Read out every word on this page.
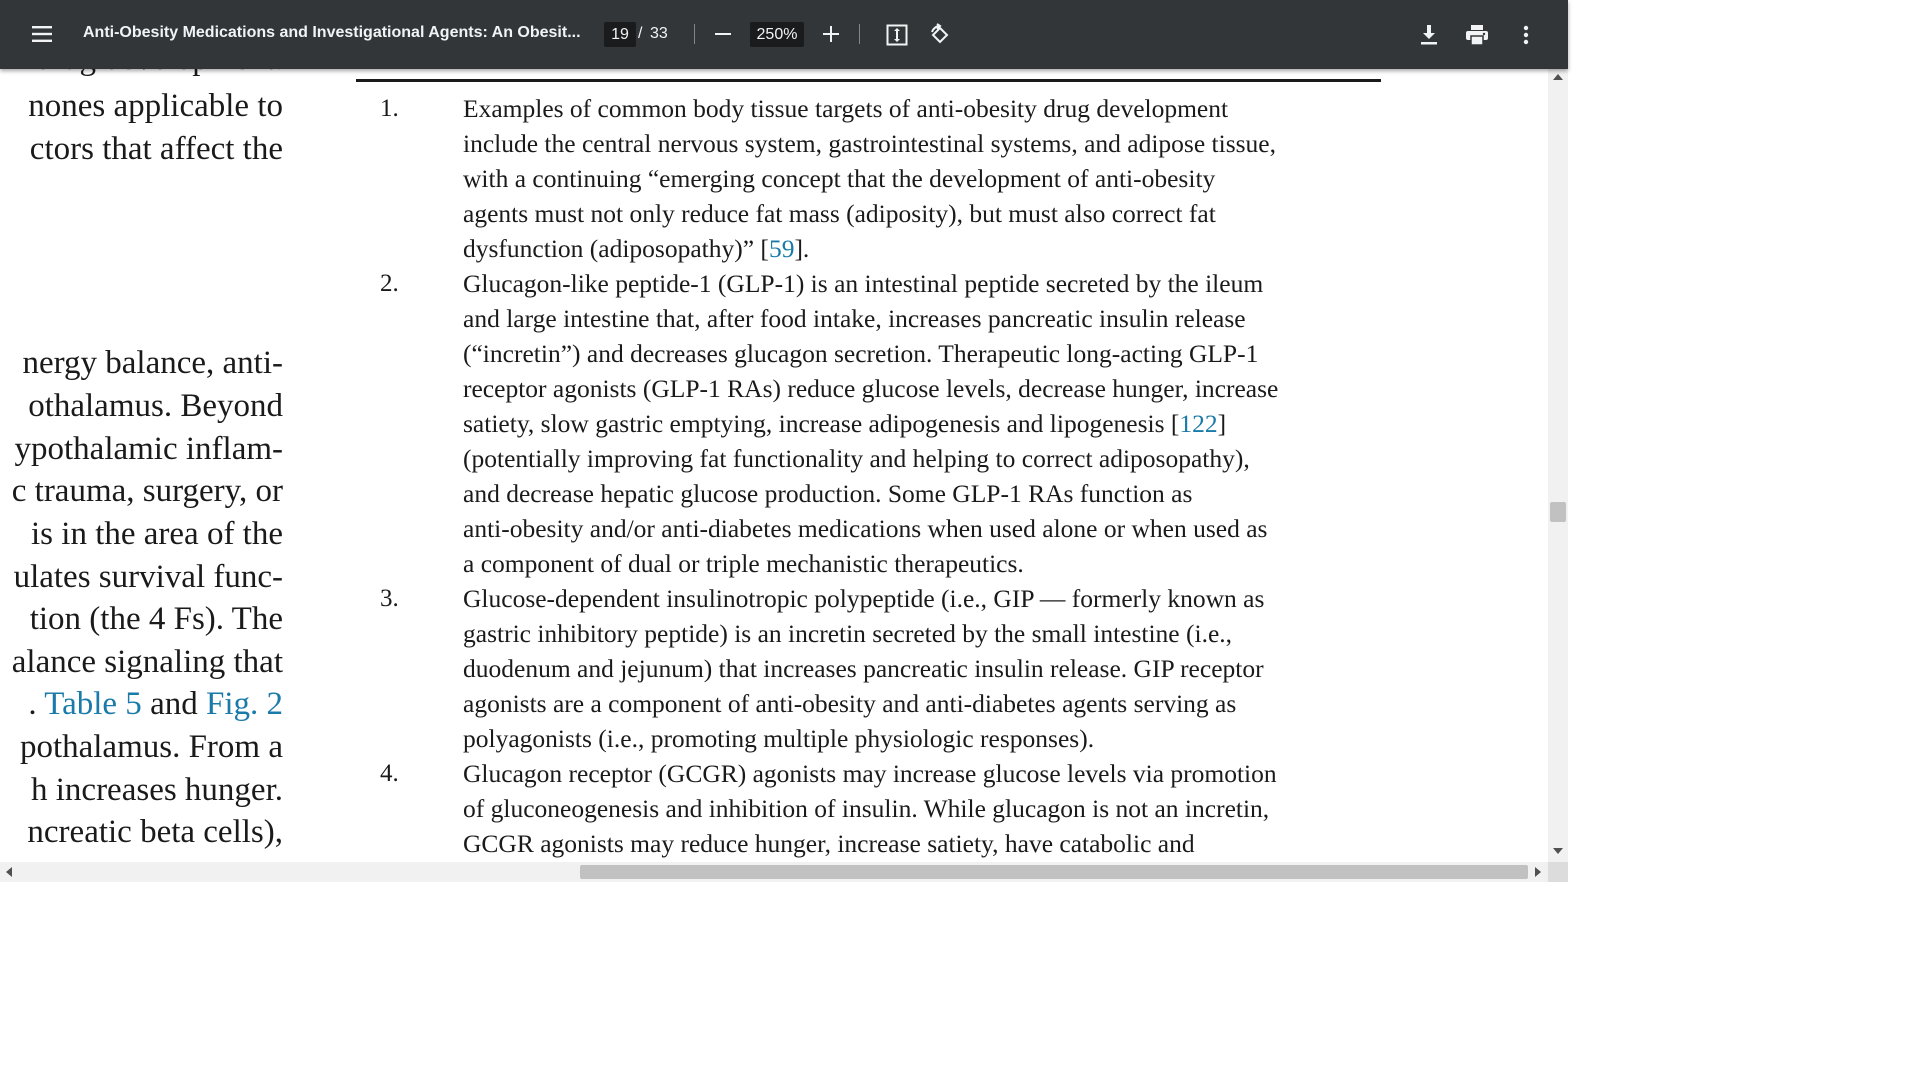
Anti-Obesity Medications and Investigational Agents: An Obesit...
19	/ 33
250%
nones applicable to
ctors that affect the
nergy balance, anti-
othalamus. Beyond
ypothalamic inflam-
c trauma, surgery, or
is in the area of the
ulates survival func-
tion (the 4 Fs). The
alance signaling that
. Table 5 and Fig. 2
pothalamus. From a
h increases hunger.
ncreatic beta cells),
1.	Examples of common body tissue targets of anti-obesity drug development
include the central nervous system, gastrointestinal systems, and adipose tissue,
with a continuing “emerging concept that the development of anti-obesity
agents must not only reduce fat mass (adiposity), but must also correct fat
dysfunction (adiposopathy)” [59].
2.	Glucagon-like peptide-1 (GLP-1) is an intestinal peptide secreted by the ileum
and large intestine that, after food intake, increases pancreatic insulin release
(“incretin”) and decreases glucagon secretion. Therapeutic long-acting GLP-1
receptor agonists (GLP-1 RAs) reduce glucose levels, decrease hunger, increase
satiety, slow gastric emptying, increase adipogenesis and lipogenesis [122]
(potentially improving fat functionality and helping to correct adiposopathy),
and decrease hepatic glucose production. Some GLP-1 RAs function as
anti-obesity and/or anti-diabetes medications when used alone or when used as
a component of dual or triple mechanistic therapeutics.
3.	Glucose-dependent insulinotropic polypeptide (i.e., GIP — formerly known as
gastric inhibitory peptide) is an incretin secreted by the small intestine (i.e.,
duodenum and jejunum) that increases pancreatic insulin release. GIP receptor
agonists are a component of anti-obesity and anti-diabetes agents serving as
polyagonists (i.e., promoting multiple physiologic responses).
4.	Glucagon receptor (GCGR) agonists may increase glucose levels via promotion
of gluconeogenesis and inhibition of insulin. While glucagon is not an incretin,
GCGR agonists may reduce hunger, increase satiety, have catabolic and
